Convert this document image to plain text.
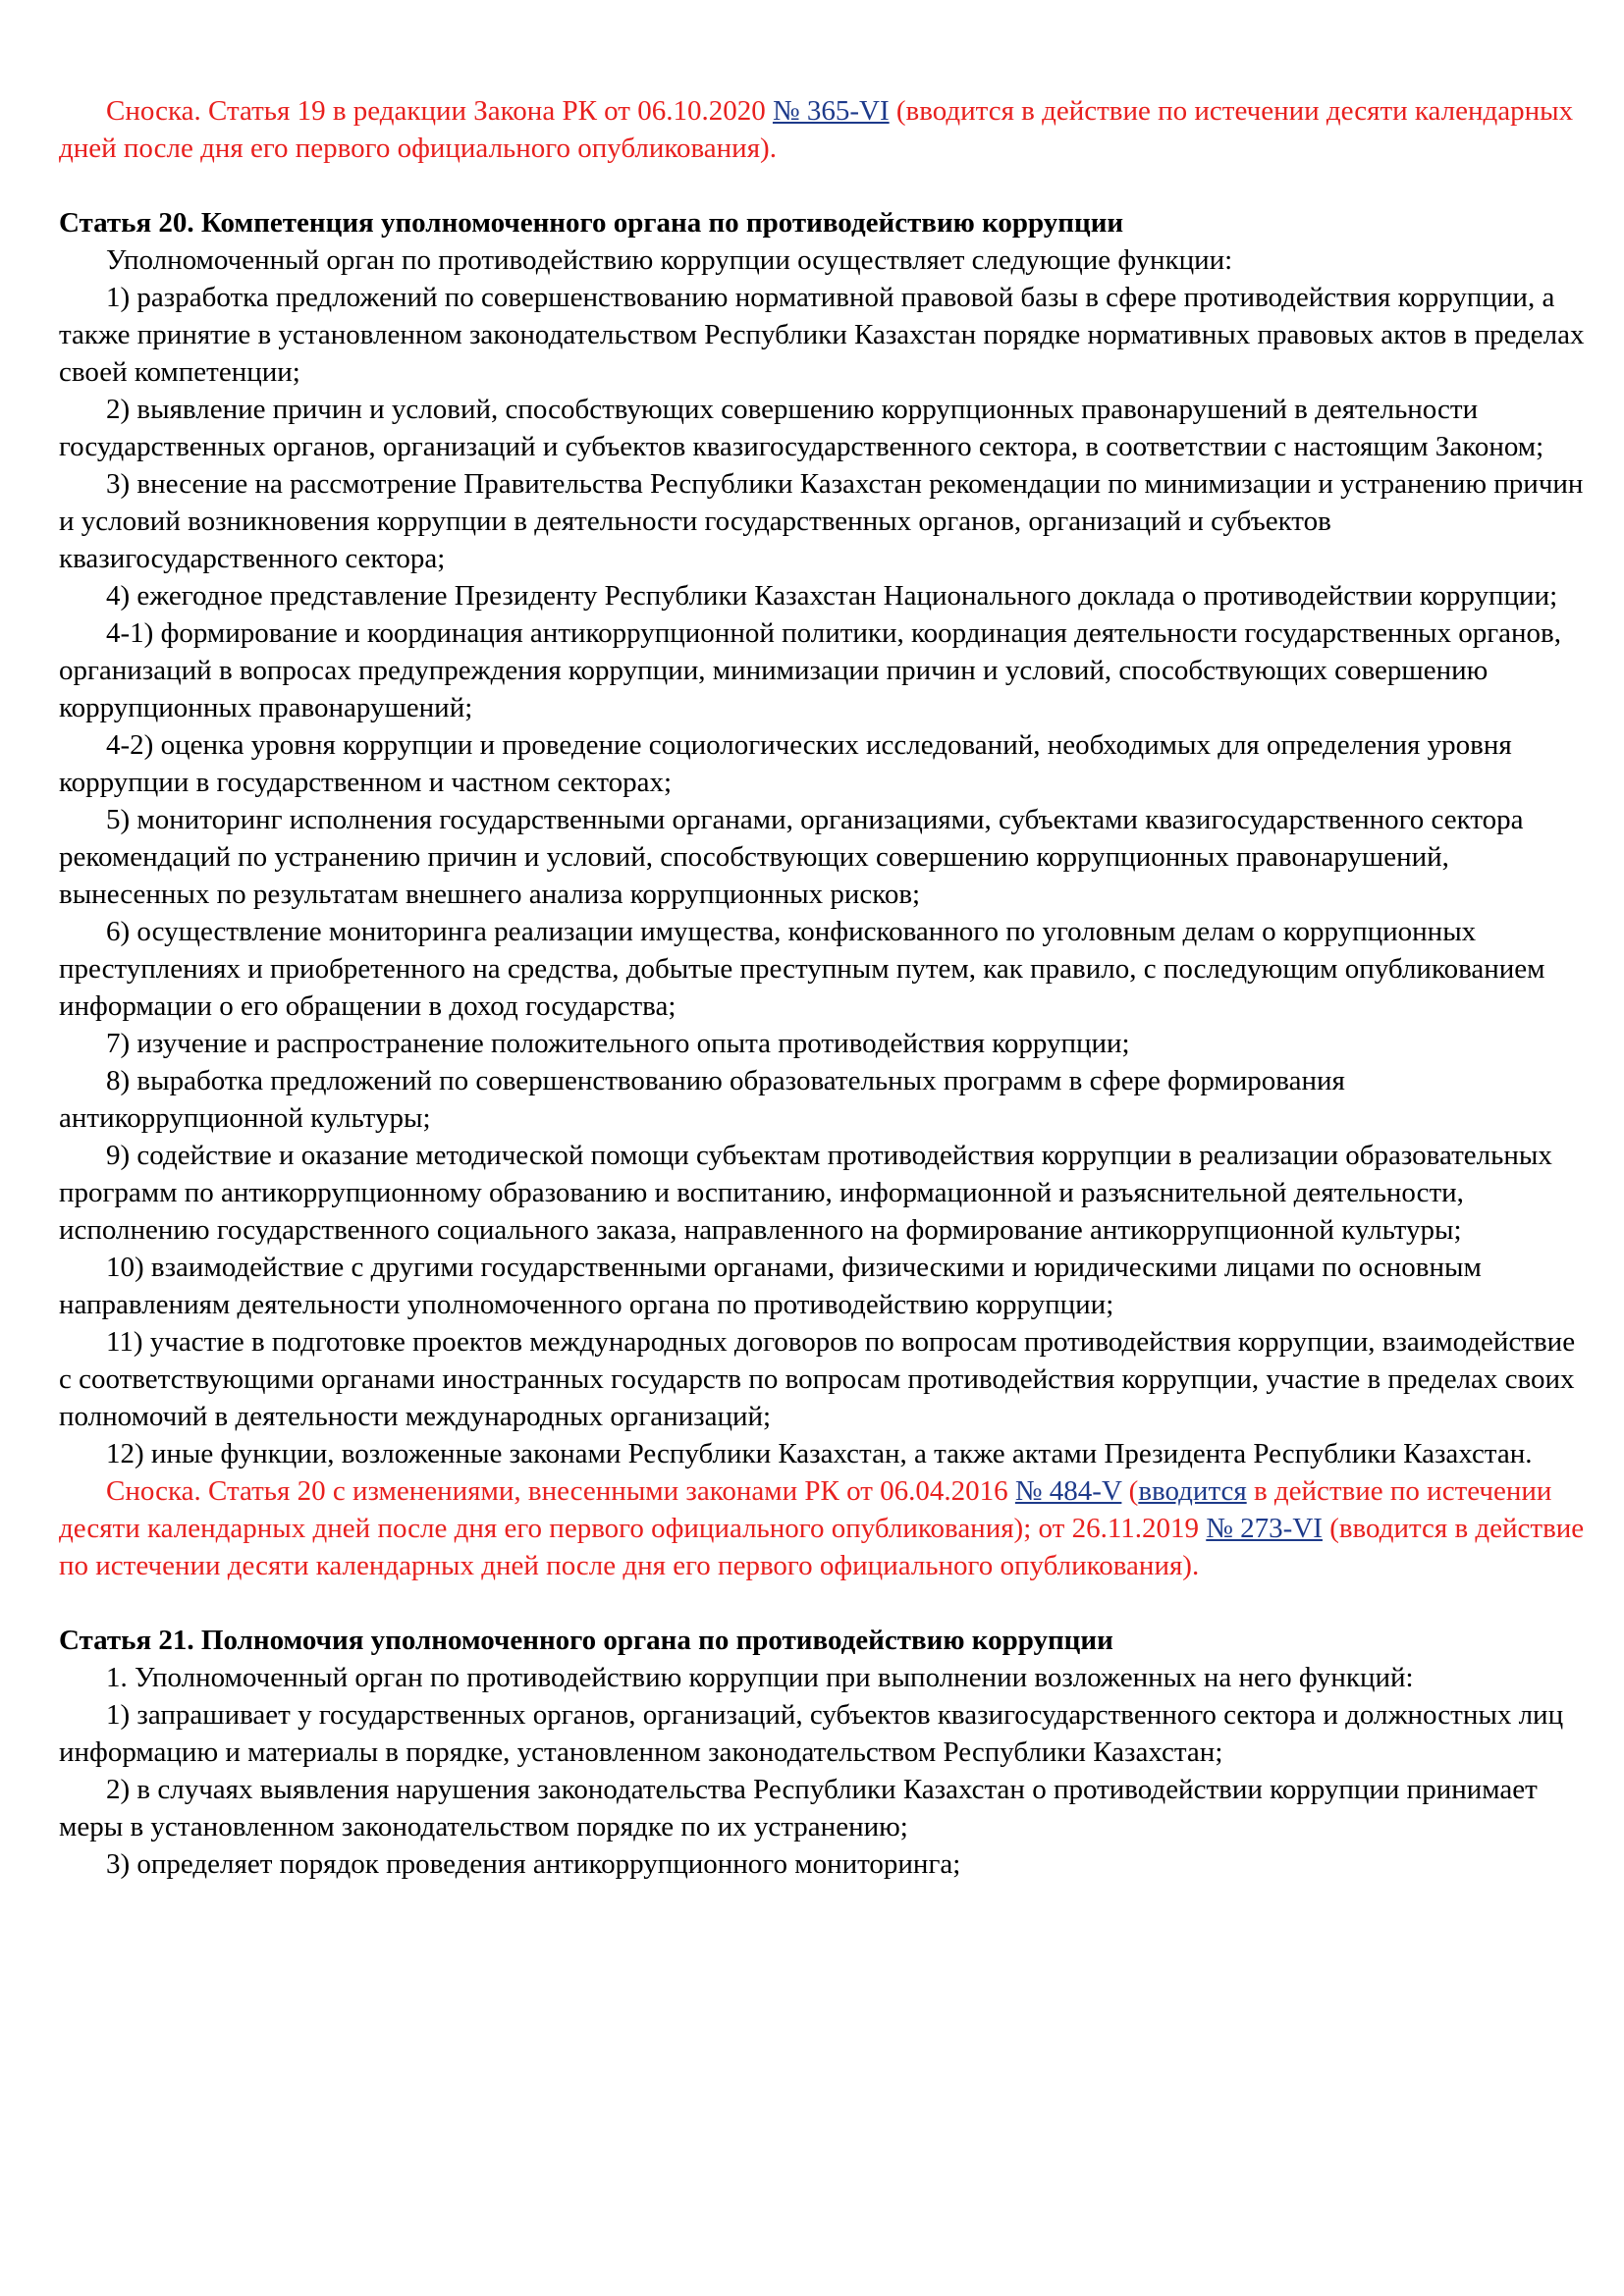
Сноска. Статья 19 в редакции Закона РК от 06.10.2020 № 365-VI (вводится в действие по истечении десяти календарных дней после дня его первого официального опубликования).

Статья 20. Компетенция уполномоченного органа по противодействию коррупции

Уполномоченный орган по противодействию коррупции осуществляет следующие функции:

1) разработка предложений по совершенствованию нормативной правовой базы в сфере противодействия коррупции, а также принятие в установленном законодательством Республики Казахстан порядке нормативных правовых актов в пределах своей компетенции;

2) выявление причин и условий, способствующих совершению коррупционных правонарушений в деятельности государственных органов, организаций и субъектов квазигосударственного сектора, в соответствии с настоящим Законом;

3) внесение на рассмотрение Правительства Республики Казахстан рекомендации по минимизации и устранению причин и условий возникновения коррупции в деятельности государственных органов, организаций и субъектов квазигосударственного сектора;

4) ежегодное представление Президенту Республики Казахстан Национального доклада о противодействии коррупции;

4-1) формирование и координация антикоррупционной политики, координация деятельности государственных органов, организаций в вопросах предупреждения коррупции, минимизации причин и условий, способствующих совершению коррупционных правонарушений;

4-2) оценка уровня коррупции и проведение социологических исследований, необходимых для определения уровня коррупции в государственном и частном секторах;

5) мониторинг исполнения государственными органами, организациями, субъектами квазигосударственного сектора рекомендаций по устранению причин и условий, способствующих совершению коррупционных правонарушений, вынесенных по результатам внешнего анализа коррупционных рисков;

6) осуществление мониторинга реализации имущества, конфискованного по уголовным делам о коррупционных преступлениях и приобретенного на средства, добытые преступным путем, как правило, с последующим опубликованием информации о его обращении в доход государства;

7) изучение и распространение положительного опыта противодействия коррупции;

8) выработка предложений по совершенствованию образовательных программ в сфере формирования антикоррупционной культуры;

9) содействие и оказание методической помощи субъектам противодействия коррупции в реализации образовательных программ по антикоррупционному образованию и воспитанию, информационной и разъяснительной деятельности, исполнению государственного социального заказа, направленного на формирование антикоррупционной культуры;

10) взаимодействие с другими государственными органами, физическими и юридическими лицами по основным направлениям деятельности уполномоченного органа по противодействию коррупции;

11) участие в подготовке проектов международных договоров по вопросам противодействия коррупции, взаимодействие с соответствующими органами иностранных государств по вопросам противодействия коррупции, участие в пределах своих полномочий в деятельности международных организаций;

12) иные функции, возложенные законами Республики Казахстан, а также актами Президента Республики Казахстан.

Сноска. Статья 20 с изменениями, внесенными законами РК от 06.04.2016 № 484-V (вводится в действие по истечении десяти календарных дней после дня его первого официального опубликования); от 26.11.2019 № 273-VI (вводится в действие по истечении десяти календарных дней после дня его первого официального опубликования).

Статья 21. Полномочия уполномоченного органа по противодействию коррупции

1. Уполномоченный орган по противодействию коррупции при выполнении возложенных на него функций:

1) запрашивает у государственных органов, организаций, субъектов квазигосударственного сектора и должностных лиц информацию и материалы в порядке, установленном законодательством Республики Казахстан;

2) в случаях выявления нарушения законодательства Республики Казахстан о противодействии коррупции принимает меры в установленном законодательством порядке по их устранению;

3) определяет порядок проведения антикоррупционного мониторинга;
